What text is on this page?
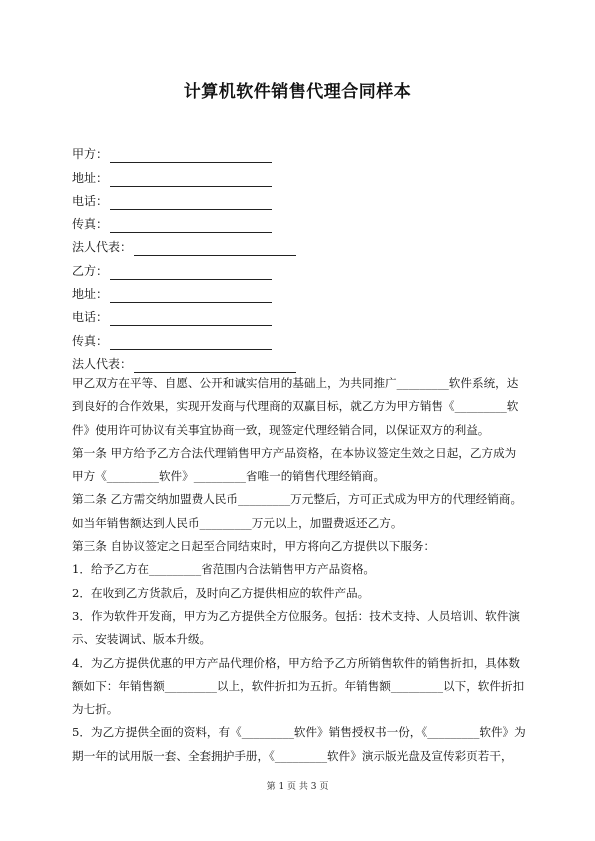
计算机软件销售代理合同样本
甲方：
地址：
电话：
传真：
法人代表：
乙方：
地址：
电话：
传真：
法人代表：

甲乙双方在平等、自愿、公开和诚实信用的基础上，为共同推广_________软件系统，达到良好的合作效果，实现开发商与代理商的双赢目标，就乙方为甲方销售《_________软件》使用许可协议有关事宜协商一致，现签定代理经销合同，以保证双方的利益。

第一条 甲方给予乙方合法代理销售甲方产品资格，在本协议签定生效之日起，乙方成为甲方《_________软件》_________省唯一的销售代理经销商。

第二条 乙方需交纳加盟费人民币_________万元整后，方可正式成为甲方的代理经销商。如当年销售额达到人民币_________万元以上，加盟费返还乙方。

第三条 自协议签定之日起至合同结束时，甲方将向乙方提供以下服务：

1．给予乙方在_________省范围内合法销售甲方产品资格。

2．在收到乙方货款后，及时向乙方提供相应的软件产品。

3．作为软件开发商，甲方为乙方提供全方位服务。包括：技术支持、人员培训、软件演示、安装调试、版本升级。

4．为乙方提供优惠的甲方产品代理价格，甲方给予乙方所销售软件的销售折扣，具体数额如下：年销售额_________以上，软件折扣为五折。年销售额_________以下，软件折扣为七折。

5．为乙方提供全面的资料，有《_________软件》销售授权书一份，《_________软件》为期一年的试用版一套、全套拥护手册，《_________软件》演示版光盘及宣传彩页若干，

第 1 页 共 3 页
